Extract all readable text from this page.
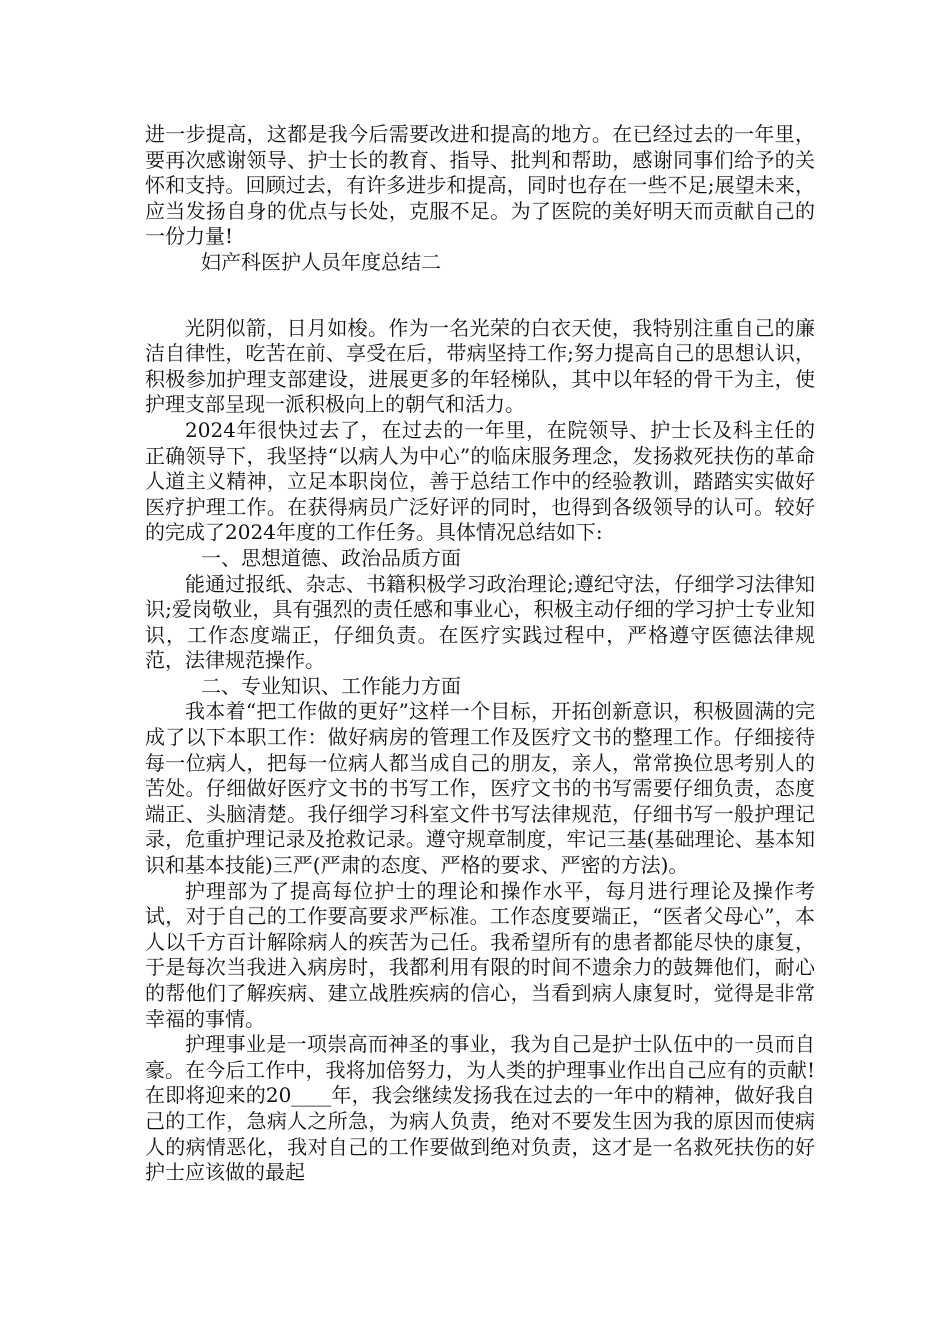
进一步提高，这都是我今后需要改进和提高的地方。在已经过去的一年里，要再次感谢领导、护士长的教育、指导、批判和帮助，感谢同事们给予的关怀和支持。回顾过去，有许多进步和提高，同时也存在一些不足;展望未来，应当发扬自身的优点与长处，克服不足。为了医院的美好明天而贡献自己的一份力量!

妇产科医护人员年度总结二

光阴似箭，日月如梭。作为一名光荣的白衣天使，我特别注重自己的廉洁自律性，吃苦在前、享受在后，带病坚持工作;努力提高自己的思想认识，积极参加护理支部建设，进展更多的年轻梯队，其中以年轻的骨干为主，使护理支部呈现一派积极向上的朝气和活力。

2024年很快过去了，在过去的一年里，在院领导、护士长及科主任的正确领导下，我坚持“以病人为中心”的临床服务理念，发扬救死扶伤的革命人道主义精神，立足本职岗位，善于总结工作中的经验教训，踏踏实实做好医疗护理工作。在获得病员广泛好评的同时，也得到各级领导的认可。较好的完成了2024年度的工作任务。具体情况总结如下:

一、思想道德、政治品质方面

能通过报纸、杂志、书籍积极学习政治理论;遵纪守法，仔细学习法律知识;爱岗敬业，具有强烈的责任感和事业心，积极主动仔细的学习护士专业知识，工作态度端正，仔细负责。在医疗实践过程中，严格遵守医德法律规范，法律规范操作。

二、专业知识、工作能力方面

我本着“把工作做的更好”这样一个目标，开拓创新意识，积极圆满的完成了以下本职工作：做好病房的管理工作及医疗文书的整理工作。仔细接待每一位病人，把每一位病人都当成自己的朋友，亲人，常常换位思考别人的苦处。仔细做好医疗文书的书写工作，医疗文书的书写需要仔细负责，态度端正、头脑清楚。我仔细学习科室文件书写法律规范，仔细书写一般护理记录，危重护理记录及抢救记录。遵守规章制度，牢记三基(基础理论、基本知识和基本技能)三严(严肃的态度、严格的要求、严密的方法)。

护理部为了提高每位护士的理论和操作水平，每月进行理论及操作考试，对于自己的工作要高要求严标准。工作态度要端正，“医者父母心”，本人以千方百计解除病人的疾苦为己任。我希望所有的患者都能尽快的康复，于是每次当我进入病房时，我都利用有限的时间不遗余力的鼓舞他们，耐心的帮他们了解疾病、建立战胜疾病的信心，当看到病人康复时，觉得是非常幸福的事情。

护理事业是一项崇高而神圣的事业，我为自己是护士队伍中的一员而自豪。在今后工作中，我将加倍努力，为人类的护理事业作出自己应有的贡献!在即将迎来的20____年，我会继续发扬我在过去的一年中的精神，做好我自己的工作，急病人之所急，为病人负责，绝对不要发生因为我的原因而使病人的病情恶化，我对自己的工作要做到绝对负责，这才是一名救死扶伤的好护士应该做的最起
